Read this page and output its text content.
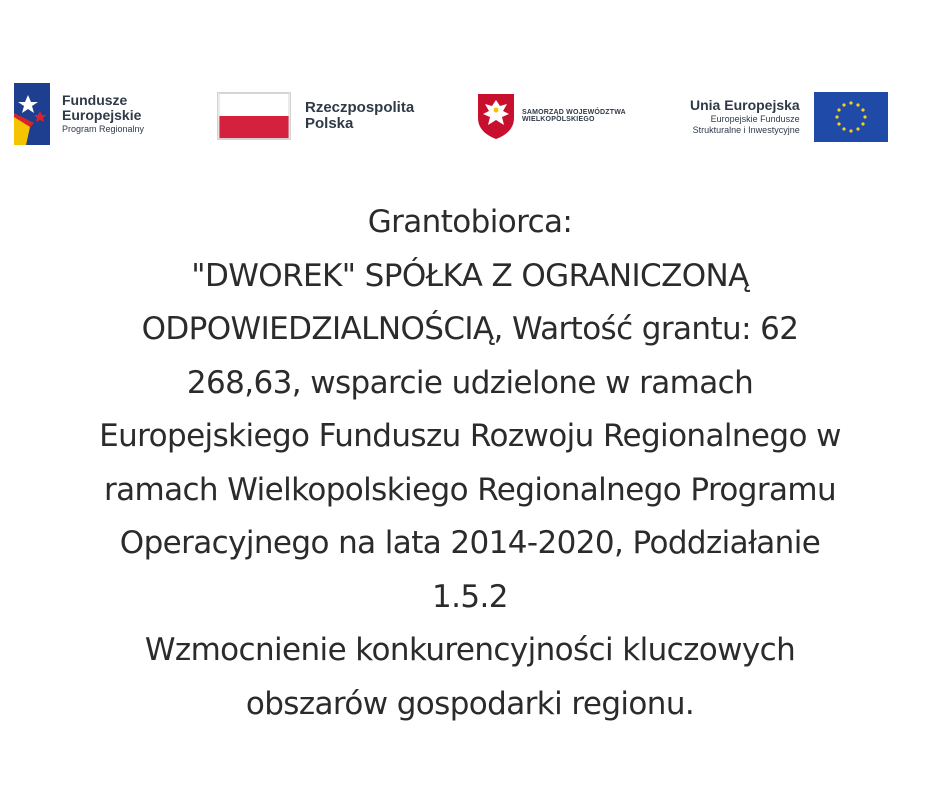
Fundusze
Europejskie
Program Regionalny
Rzeczpospolita
Polska
SAMORZĄD WOJEWÓDZTWA
WIELKOPOLSKIEGO
Unia Europejska
Europejskie Fundusze
Strukturalne i Inwestycyjne
Grantobiorca:
"DWOREK" SPÓŁKA Z OGRANICZONĄ
ODPOWIEDZIALNOŚCIĄ, Wartość grantu: 62
268,63, wsparcie udzielone w ramach
Europejskiego Funduszu Rozwoju Regionalnego w
ramach Wielkopolskiego Regionalnego Programu
Operacyjnego na lata 2014-2020, Poddziałanie
1.5.2
Wzmocnienie konkurencyjności kluczowych
obszarów gospodarki regionu.
